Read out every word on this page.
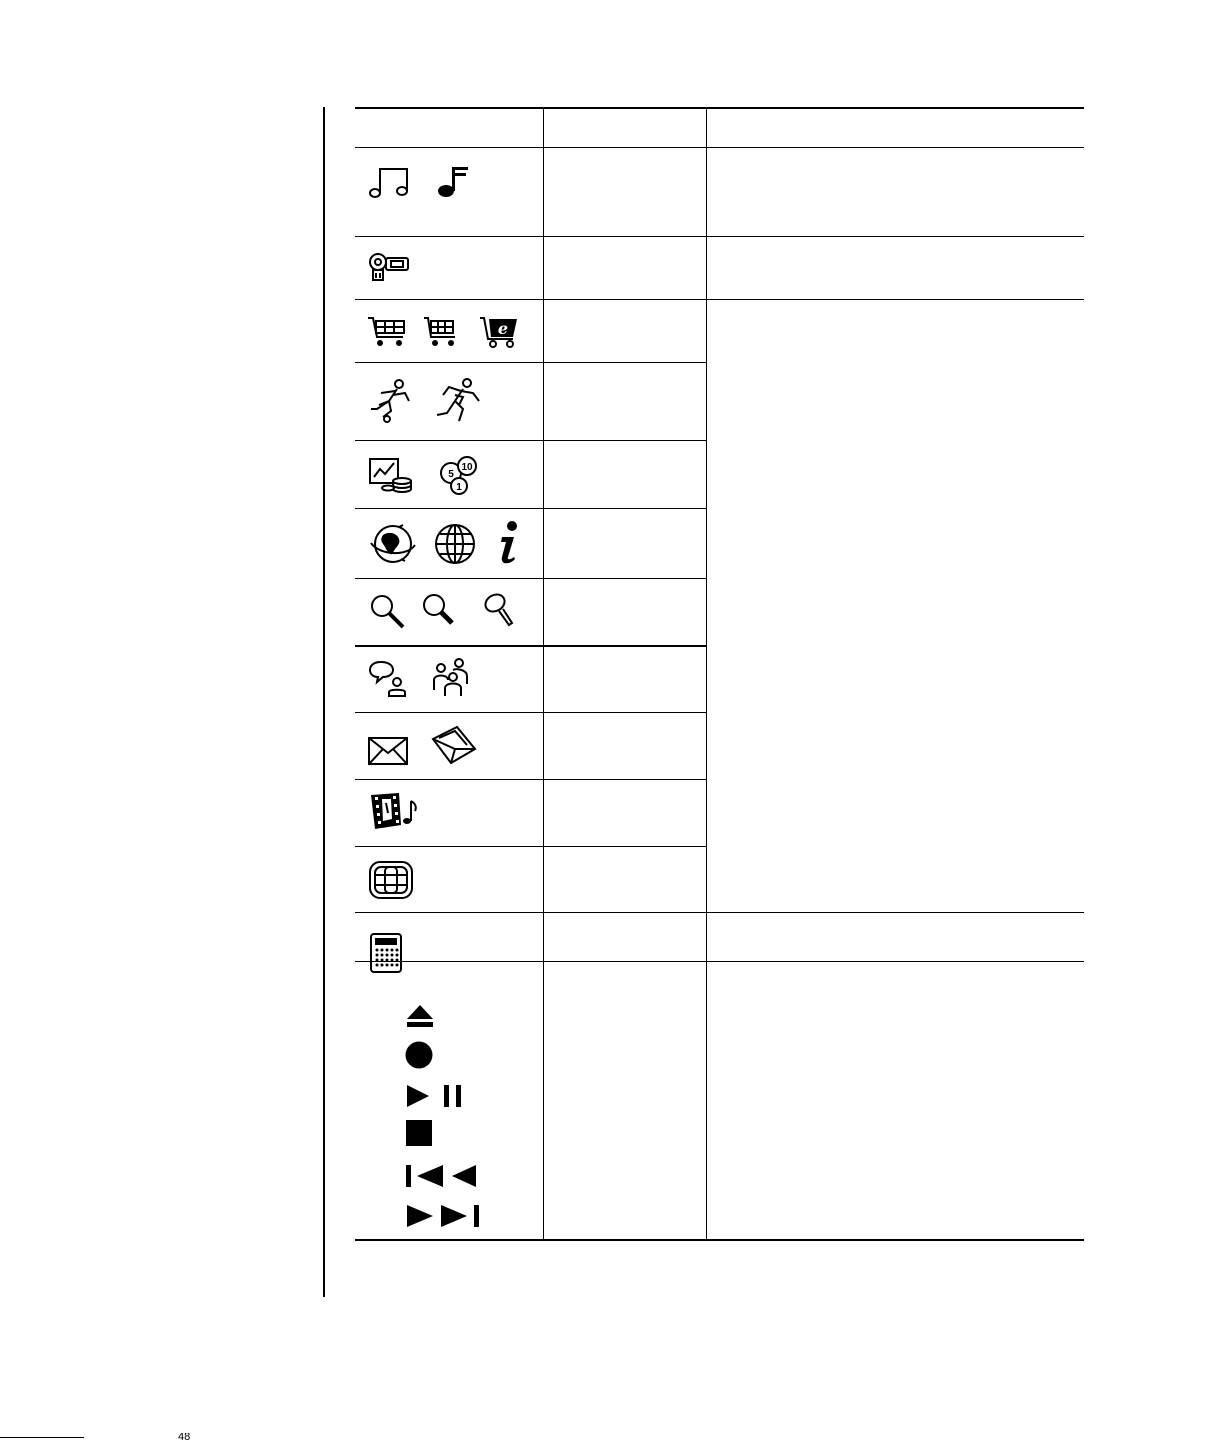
e
5
10
1
48
